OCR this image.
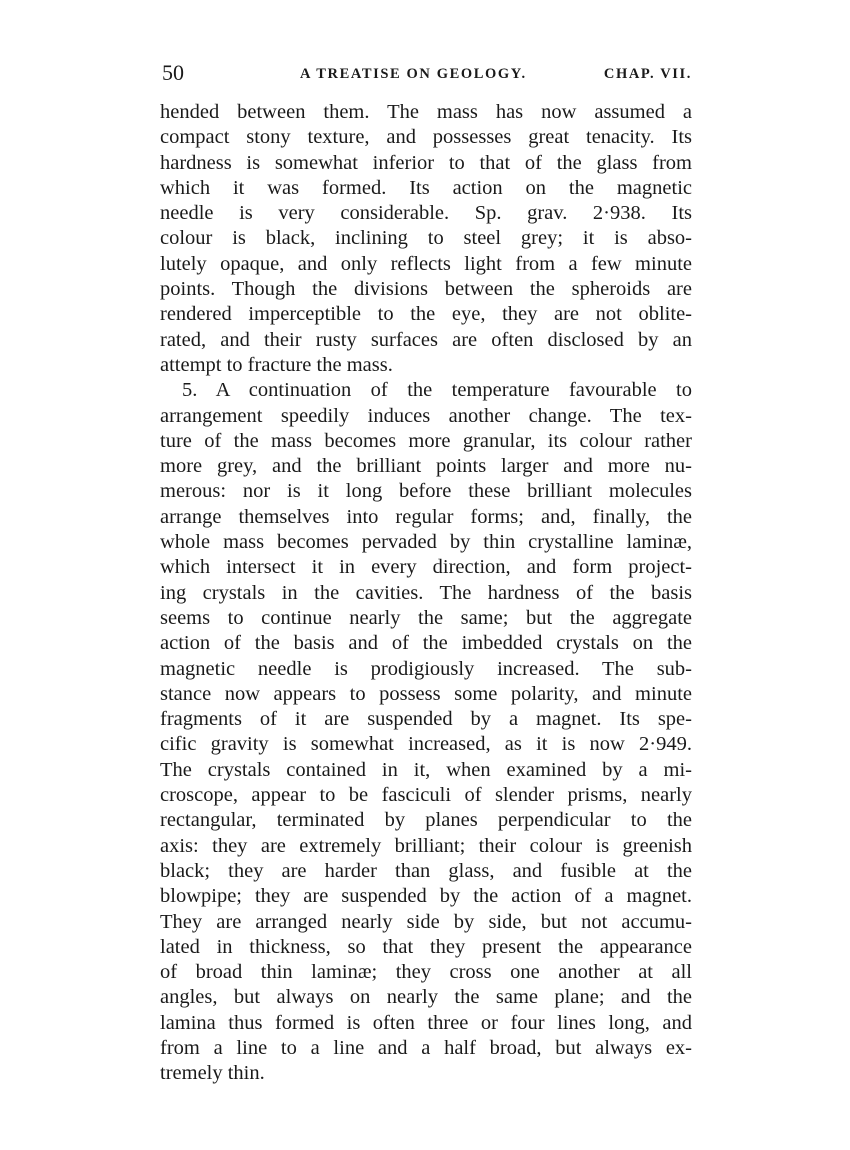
50	A TREATISE ON GEOLOGY.	CHAP. VII.
hended between them. The mass has now assumed a
compact stony texture, and possesses great tenacity. Its
hardness is somewhat inferior to that of the glass from
which it was formed. Its action on the magnetic
needle is very considerable. Sp. grav. 2·938. Its
colour is black, inclining to steel grey; it is abso-
lutely opaque, and only reflects light from a few minute
points. Though the divisions between the spheroids are
rendered imperceptible to the eye, they are not oblite-
rated, and their rusty surfaces are often disclosed by an
attempt to fracture the mass.
5. A continuation of the temperature favourable to
arrangement speedily induces another change. The tex-
ture of the mass becomes more granular, its colour rather
more grey, and the brilliant points larger and more nu-
merous: nor is it long before these brilliant molecules
arrange themselves into regular forms; and, finally, the
whole mass becomes pervaded by thin crystalline laminæ,
which intersect it in every direction, and form project-
ing crystals in the cavities. The hardness of the basis
seems to continue nearly the same; but the aggregate
action of the basis and of the imbedded crystals on the
magnetic needle is prodigiously increased. The sub-
stance now appears to possess some polarity, and minute
fragments of it are suspended by a magnet. Its spe-
cific gravity is somewhat increased, as it is now 2·949.
The crystals contained in it, when examined by a mi-
croscope, appear to be fasciculi of slender prisms, nearly
rectangular, terminated by planes perpendicular to the
axis: they are extremely brilliant; their colour is greenish
black; they are harder than glass, and fusible at the
blowpipe; they are suspended by the action of a magnet.
They are arranged nearly side by side, but not accumu-
lated in thickness, so that they present the appearance
of broad thin laminæ; they cross one another at all
angles, but always on nearly the same plane; and the
lamina thus formed is often three or four lines long, and
from a line to a line and a half broad, but always ex-
tremely thin.
